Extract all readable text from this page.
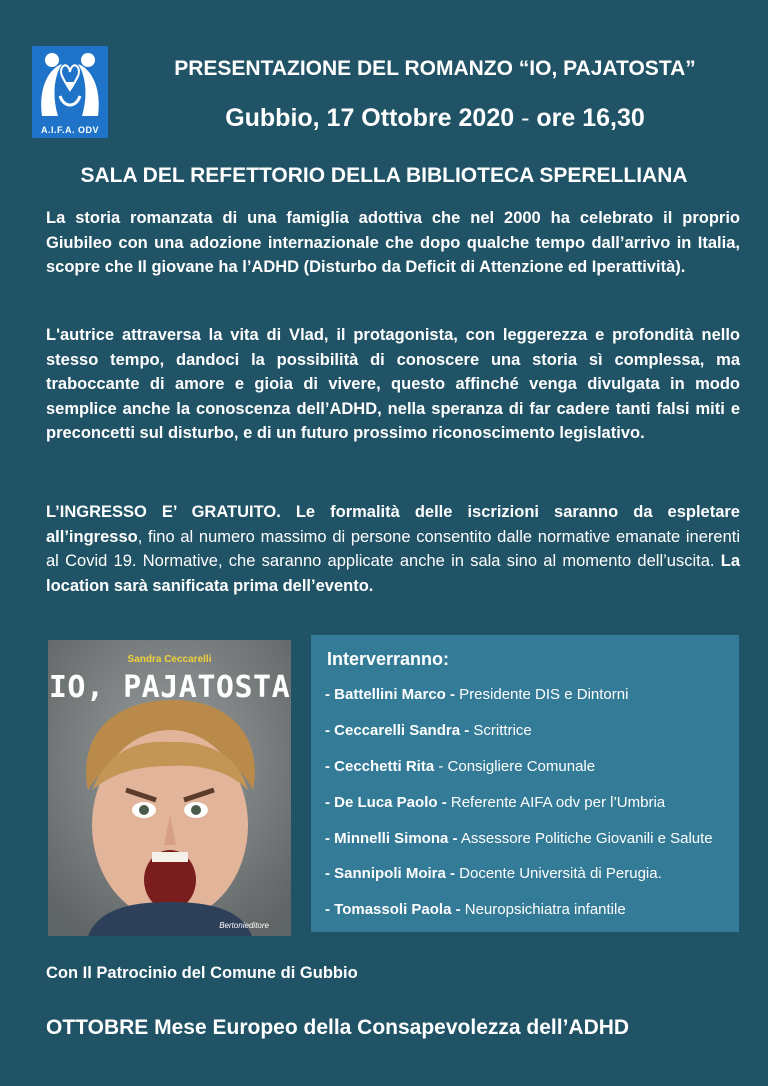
A.I.F.A. ODV
PRESENTAZIONE DEL ROMANZO “IO, PAJATOSTA”
Gubbio, 17 Ottobre 2020 - ore 16,30
SALA DEL REFETTORIO DELLA BIBLIOTECA SPERELLIANA
La storia romanzata di una famiglia adottiva che nel 2000 ha celebrato il proprio Giubileo con una adozione internazionale che dopo qualche tempo dall’arrivo in Italia, scopre che Il giovane ha l’ADHD (Disturbo da Deficit di Attenzione ed Iperattività).
L'autrice attraversa la vita di Vlad, il protagonista, con leggerezza e profondità nello stesso tempo, dandoci la possibilità di conoscere una storia sì complessa, ma traboccante di amore e gioia di vivere, questo affinché venga divulgata in modo semplice anche la conoscenza dell’ADHD, nella speranza di far cadere tanti falsi miti e preconcetti sul disturbo, e di un futuro prossimo riconoscimento legislativo.
L’INGRESSO E’ GRATUITO. Le formalità delle iscrizioni saranno da espletare all’ingresso, fino al numero massimo di persone consentito dalle normative emanate inerenti al Covid 19. Normative, che saranno applicate anche in sala sino al momento dell’uscita. La location sarà sanificata prima dell’evento.
Sandra Ceccarelli
IO, PAJATOSTA
Bertonieditore
Interverranno:
- Battellini Marco - Presidente DIS e Dintorni
- Ceccarelli Sandra - Scrittrice
- Cecchetti Rita - Consigliere Comunale
- De Luca Paolo - Referente AIFA odv per l’Umbria
- Minnelli Simona - Assessore Politiche Giovanili e Salute
- Sannipoli Moira - Docente Università di Perugia.
- Tomassoli Paola - Neuropsichiatra infantile
Con Il Patrocinio del Comune di Gubbio
OTTOBRE Mese Europeo della Consapevolezza dell’ADHD
